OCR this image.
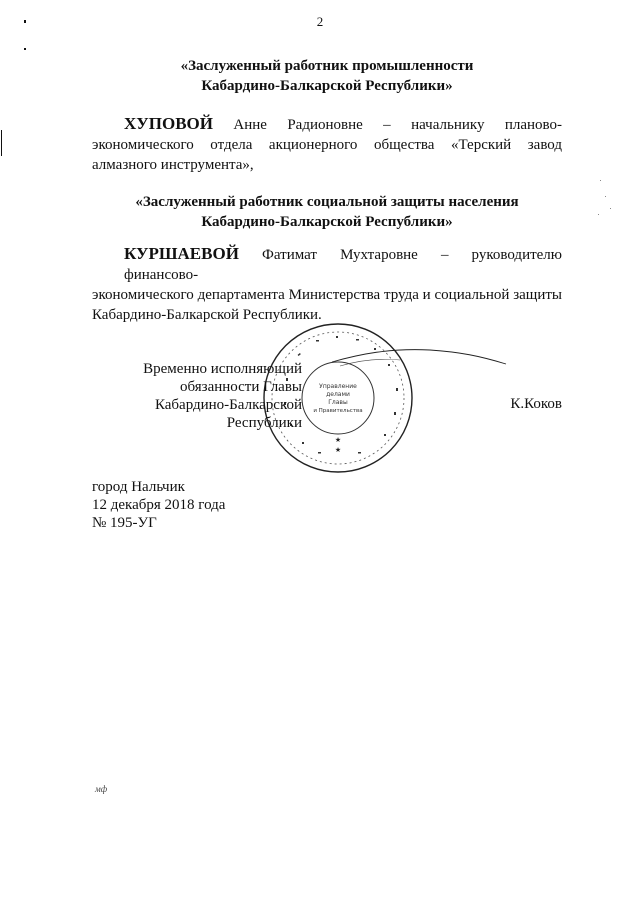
2
«Заслуженный работник промышленности
Кабардино-Балкарской Республики»
ХУПОВОЙ Анне Радионовне – начальнику планово-
экономического отдела акционерного общества «Терский завод
алмазного инструмента»,
«Заслуженный работник социальной защиты населения
Кабардино-Балкарской Республики»
КУРШАЕВОЙ Фатимат Мухтаровне – руководителю финансово-
экономического департамента Министерства труда и социальной защиты
Кабардино-Балкарской Республики.
★
★
Управление
делами
Главы
и Правительства
Временно исполняющий
обязанности Главы
Кабардино-Балкарской Республики
К.Коков
город Нальчик
12 декабря 2018 года
№ 195-УГ
мф
